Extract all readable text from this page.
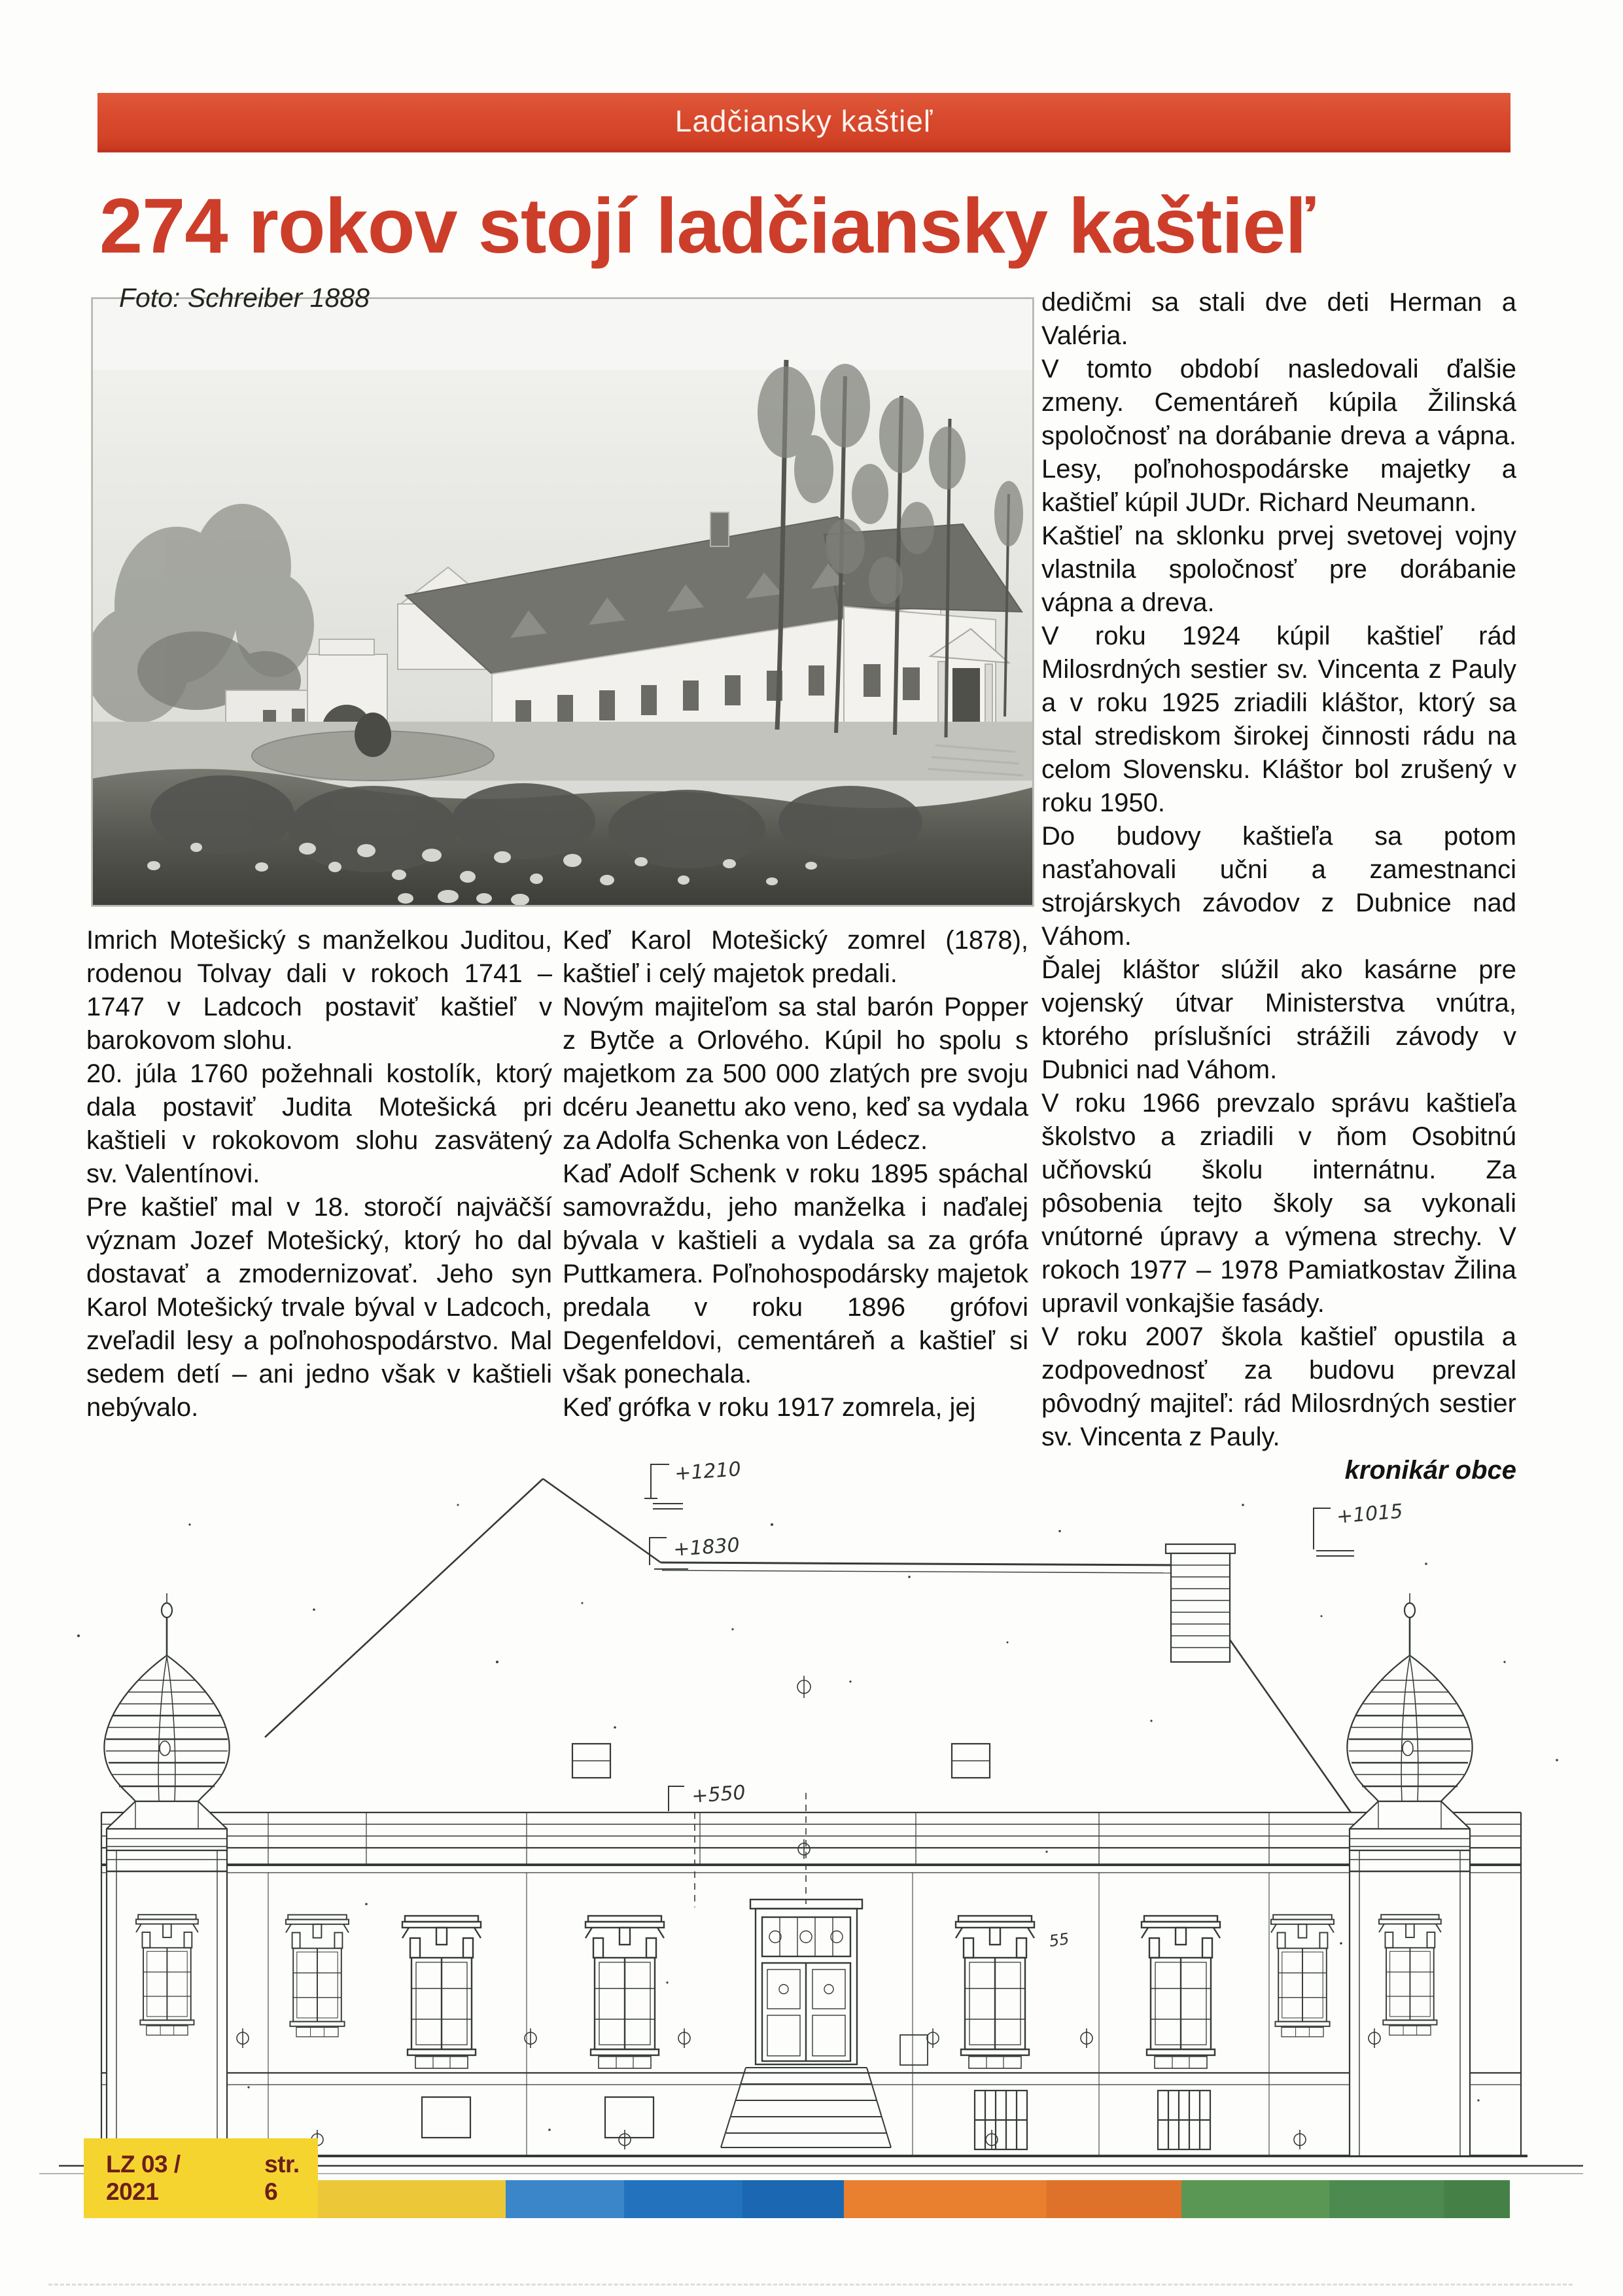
Ladčiansky kaštieľ
274 rokov stojí ladčiansky kaštieľ
Foto: Schreiber 1888

Imrich Motešický s manželkou Juditou, rodenou Tolvay dali v rokoch 1741 – 1747 v Ladcoch postaviť kaštieľ v barokovom slohu.

20. júla 1760 požehnali kostolík, ktorý dala postaviť Judita Motešická pri kaštieli v rokokovom slohu zasvätený sv. Valentínovi.

Pre kaštieľ mal v 18. storočí najväčší význam Jozef Motešický, ktorý ho dal dostavať a zmodernizovať. Jeho syn Karol Motešický trvale býval v Ladcoch, zveľadil lesy a poľnohospodárstvo. Mal sedem detí – ani jedno však v kaštieli nebývalo.

Keď Karol Motešický zomrel (1878), kaštieľ i celý majetok predali.

Novým majiteľom sa stal barón Popper z Bytče a Orlového. Kúpil ho spolu s majetkom za 500 000 zlatých pre svoju dcéru Jeanettu ako veno, keď sa vydala za Adolfa Schenka von Lédecz.

Kaď Adolf Schenk v roku 1895 spáchal samovraždu, jeho manželka i naďalej bývala v kaštieli a vydala sa za grófa Puttkamera. Poľnohospodársky majetok predala v roku 1896 grófovi Degenfeldovi, cementáreň a kaštieľ si však ponechala.

Keď grófka v roku 1917 zomrela, jej

dedičmi sa stali dve deti Herman a Valéria.

V tomto období nasledovali ďalšie zmeny. Cementáreň kúpila Žilinská spoločnosť na dorábanie dreva a vápna. Lesy, poľnohospodárske majetky a kaštieľ kúpil JUDr. Richard Neumann.

Kaštieľ na sklonku prvej svetovej vojny vlastnila spoločnosť pre dorábanie vápna a dreva.

V roku 1924 kúpil kaštieľ rád Milosrdných sestier sv. Vincenta z Pauly a v roku 1925 zriadili kláštor, ktorý sa stal strediskom širokej činnosti rádu na celom Slovensku. Kláštor bol zrušený v roku 1950.

Do budovy kaštieľa sa potom nasťahovali učni a zamestnanci strojárskych závodov z Dubnice nad Váhom.

Ďalej kláštor slúžil ako kasárne pre vojenský útvar Ministerstva vnútra, ktorého príslušníci strážili závody v Dubnici nad Váhom.

V roku 1966 prevzalo správu kaštieľa školstvo a zriadili v ňom Osobitnú učňovskú školu internátnu. Za pôsobenia tejto školy sa vykonali vnútorné úpravy a výmena strechy. V rokoch 1977 – 1978 Pamiatkostav Žilina upravil vonkajšie fasády.

V roku 2007 škola kaštieľ opustila a zodpovednosť za budovu prevzal pôvodný majiteľ: rád Milosrdných sestier sv. Vincenta z Pauly.

kronikár obce

+1210
+1830
+1015
+550
55
LZ 03 / 2021
str. 6
